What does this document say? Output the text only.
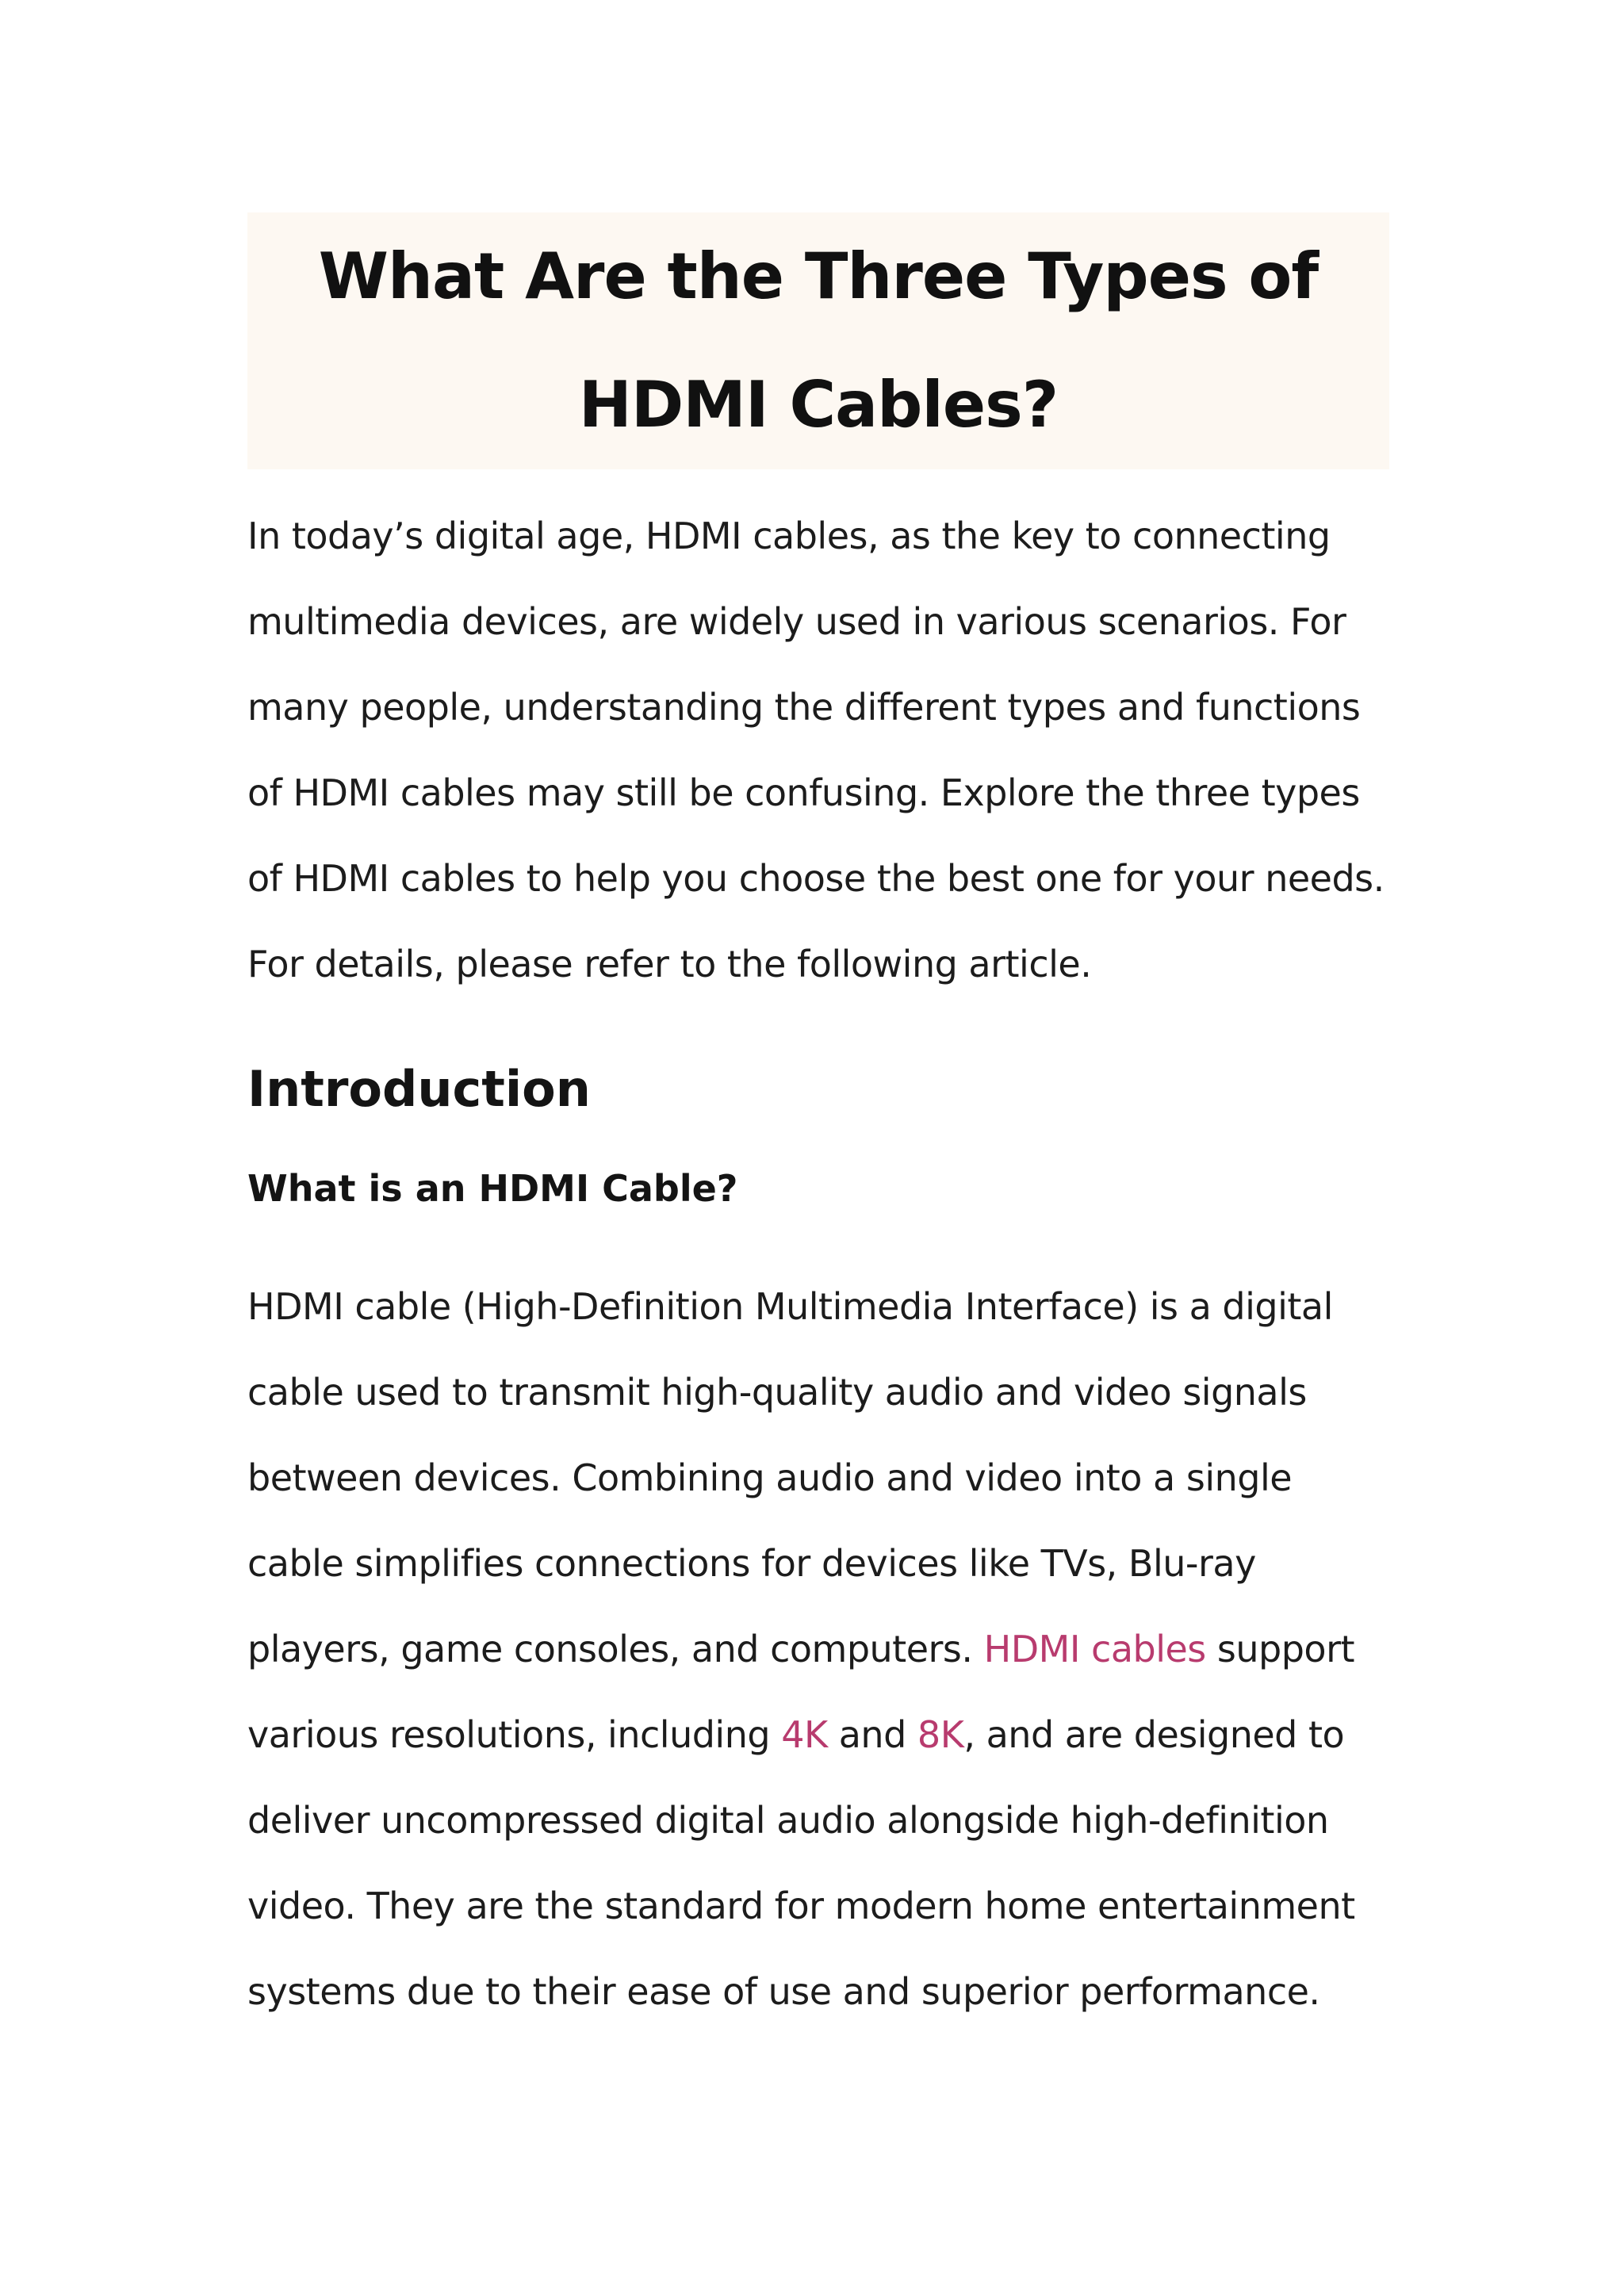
What Are the Three Types of HDMI Cables?

In today’s digital age, HDMI cables, as the key to connecting multimedia devices, are widely used in various scenarios. For many people, understanding the different types and functions of HDMI cables may still be confusing. Explore the three types of HDMI cables to help you choose the best one for your needs. For details, please refer to the following article.

Introduction
What is an HDMI Cable?

HDMI cable (High-Definition Multimedia Interface) is a digital cable used to transmit high-quality audio and video signals between devices. Combining audio and video into a single cable simplifies connections for devices like TVs, Blu-ray players, game consoles, and computers. HDMI cables support various resolutions, including 4K and 8K, and are designed to deliver uncompressed digital audio alongside high-definition video. They are the standard for modern home entertainment systems due to their ease of use and superior performance.
